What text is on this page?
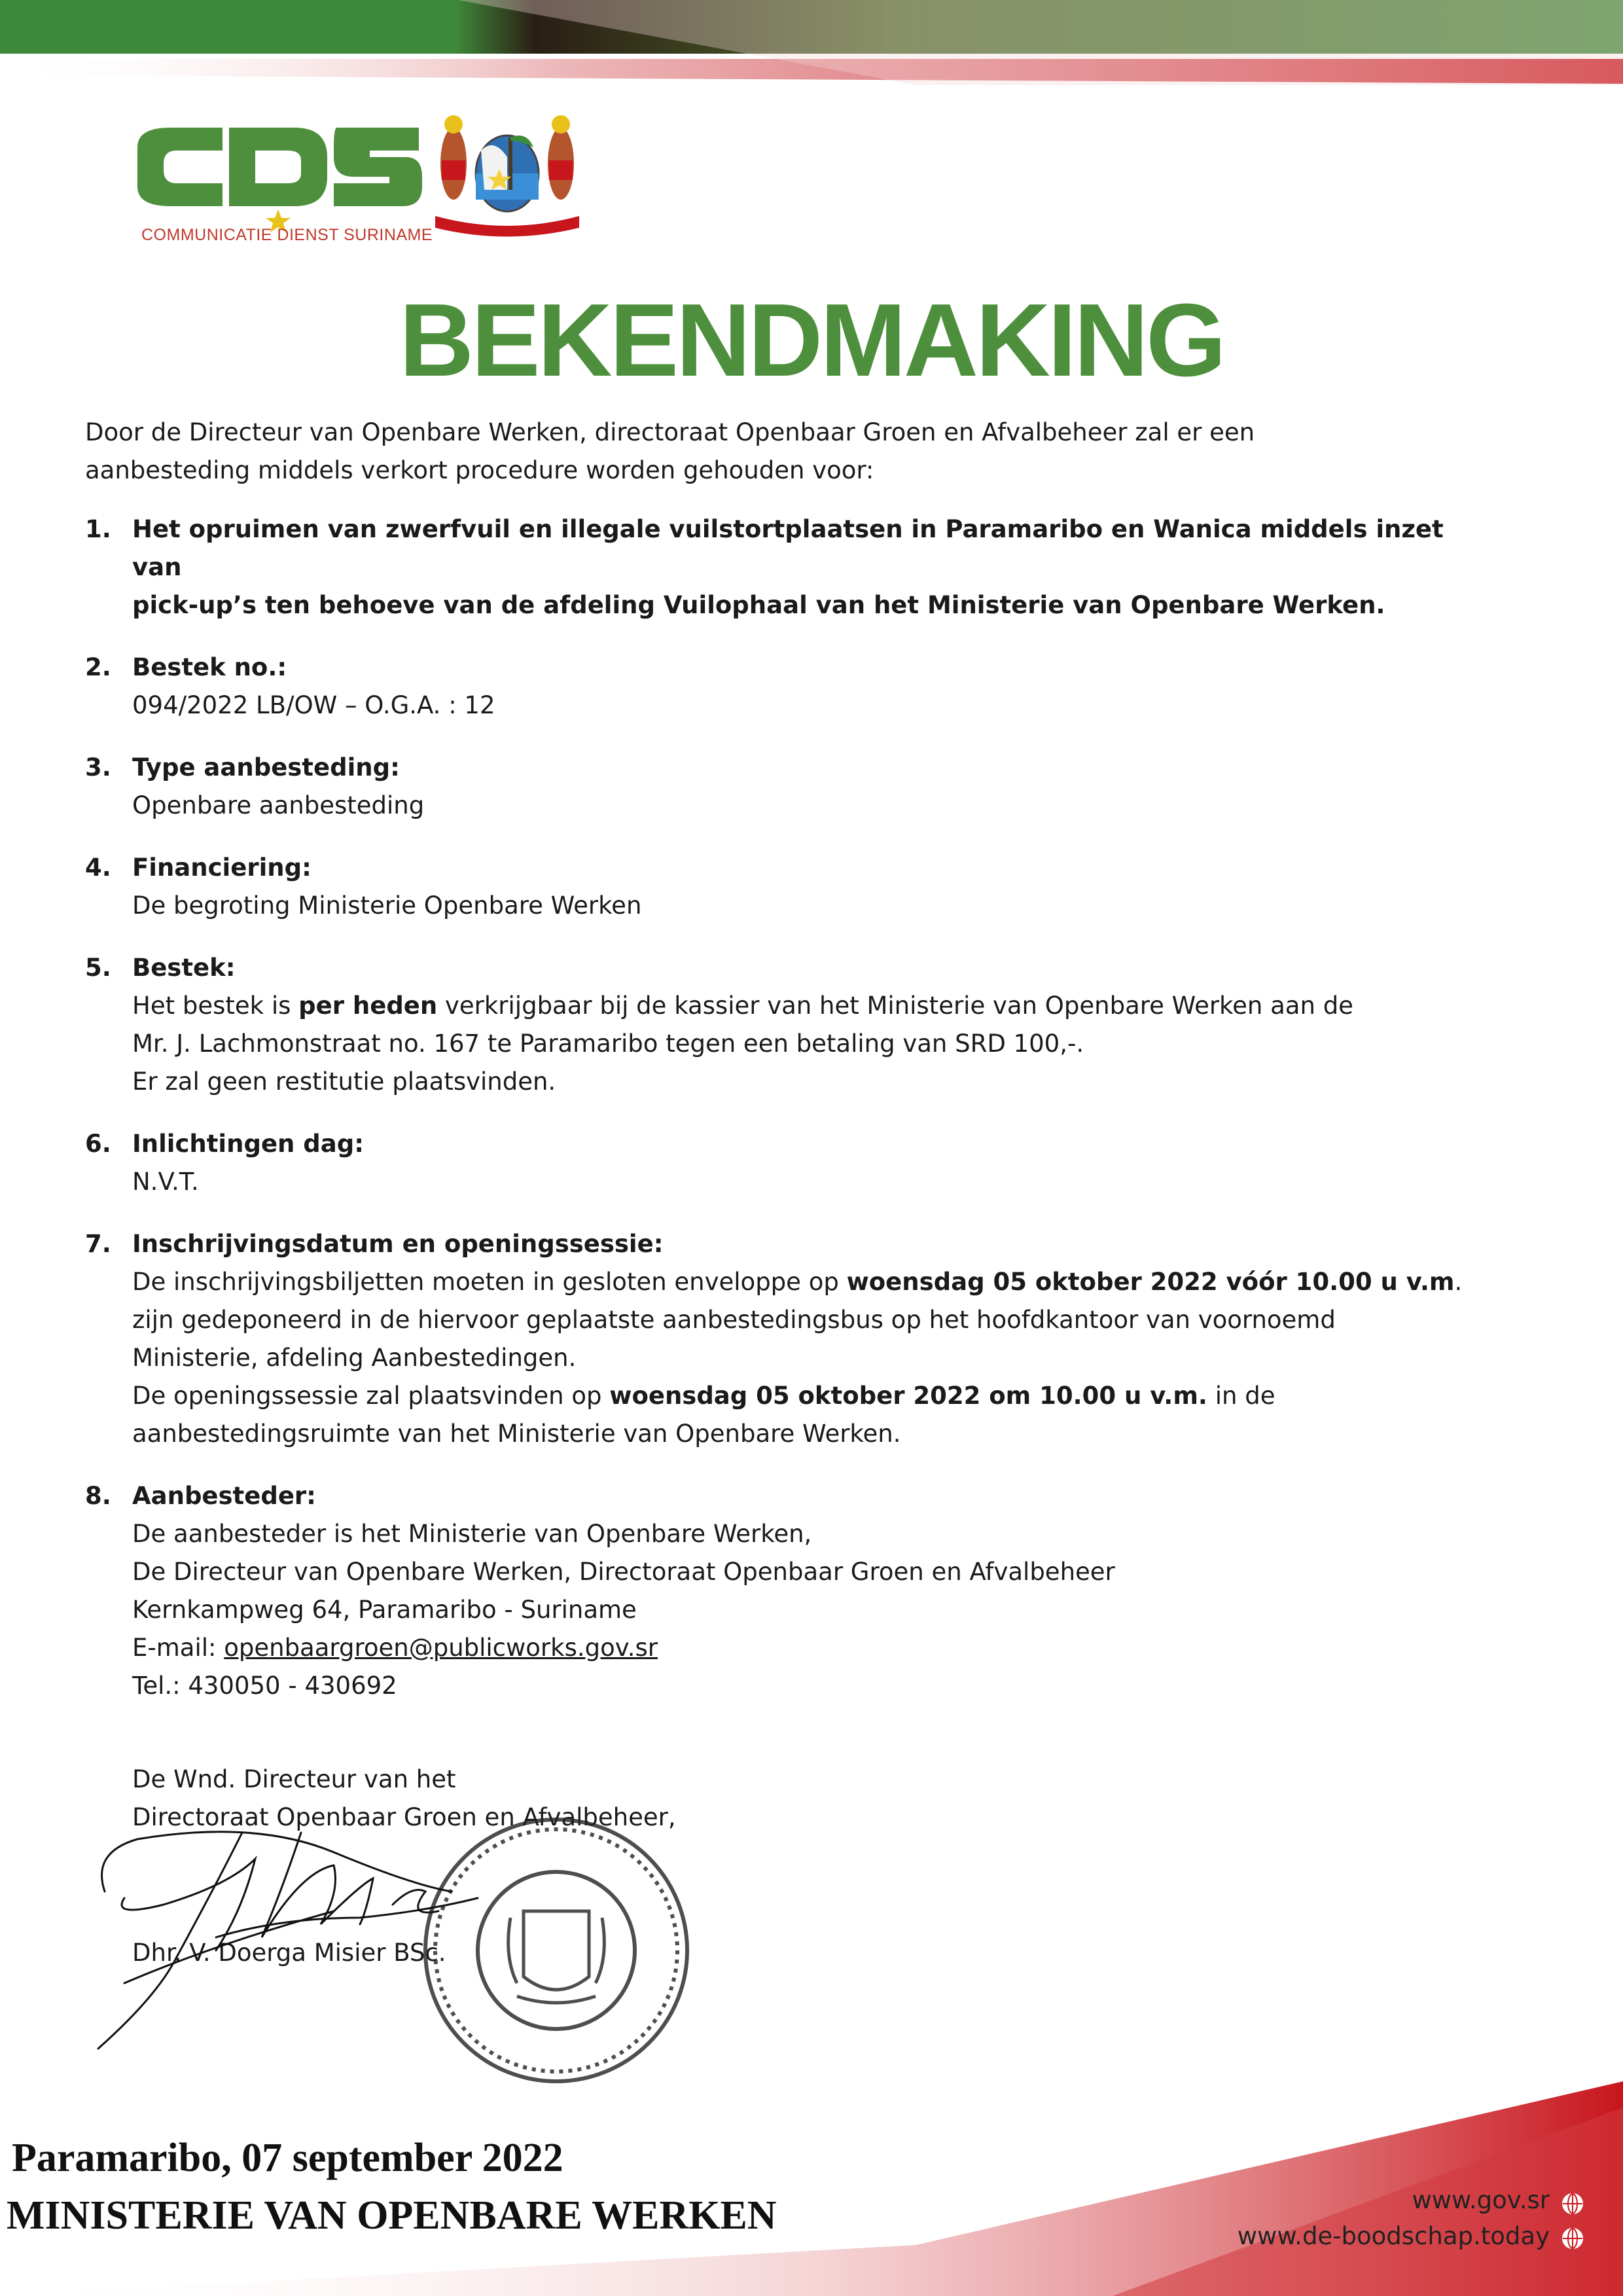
COMMUNICATIE DIENST SURINAME
BEKENDMAKING
Door de Directeur van Openbare Werken, directoraat Openbaar Groen en Afvalbeheer zal er een
aanbesteding middels verkort procedure worden gehouden voor:
1. Het opruimen van zwerfvuil en illegale vuilstortplaatsen in Paramaribo en Wanica middels inzet van
pick-up’s ten behoeve van de afdeling Vuilophaal van het Ministerie van Openbare Werken.
2. Bestek no.:
094/2022 LB/OW – O.G.A. : 12
3. Type aanbesteding:
Openbare aanbesteding
4. Financiering:
De begroting Ministerie Openbare Werken
5. Bestek:
Het bestek is per heden verkrijgbaar bij de kassier van het Ministerie van Openbare Werken aan de
Mr. J. Lachmonstraat no. 167 te Paramaribo tegen een betaling van SRD 100,-.
Er zal geen restitutie plaatsvinden.
6. Inlichtingen dag:
N.V.T.
7. Inschrijvingsdatum en openingssessie:
De inschrijvingsbiljetten moeten in gesloten enveloppe op woensdag 05 oktober 2022 vóór 10.00 u v.m.
zijn gedeponeerd in de hiervoor geplaatste aanbestedingsbus op het hoofdkantoor van voornoemd
Ministerie, afdeling Aanbestedingen.
De openingssessie zal plaatsvinden op woensdag 05 oktober 2022 om 10.00 u v.m. in de
aanbestedingsruimte van het Ministerie van Openbare Werken.
8. Aanbesteder:
De aanbesteder is het Ministerie van Openbare Werken,
De Directeur van Openbare Werken, Directoraat Openbaar Groen en Afvalbeheer
Kernkampweg 64, Paramaribo - Suriname
E-mail: openbaargroen@publicworks.gov.sr
Tel.: 430050 - 430692
De Wnd. Directeur van het
Directoraat Openbaar Groen en Afvalbeheer,
Dhr. V. Doerga Misier BSc.
Paramaribo, 07 september 2022
MINISTERIE VAN OPENBARE WERKEN	www.gov.sr
www.de-boodschap.today
